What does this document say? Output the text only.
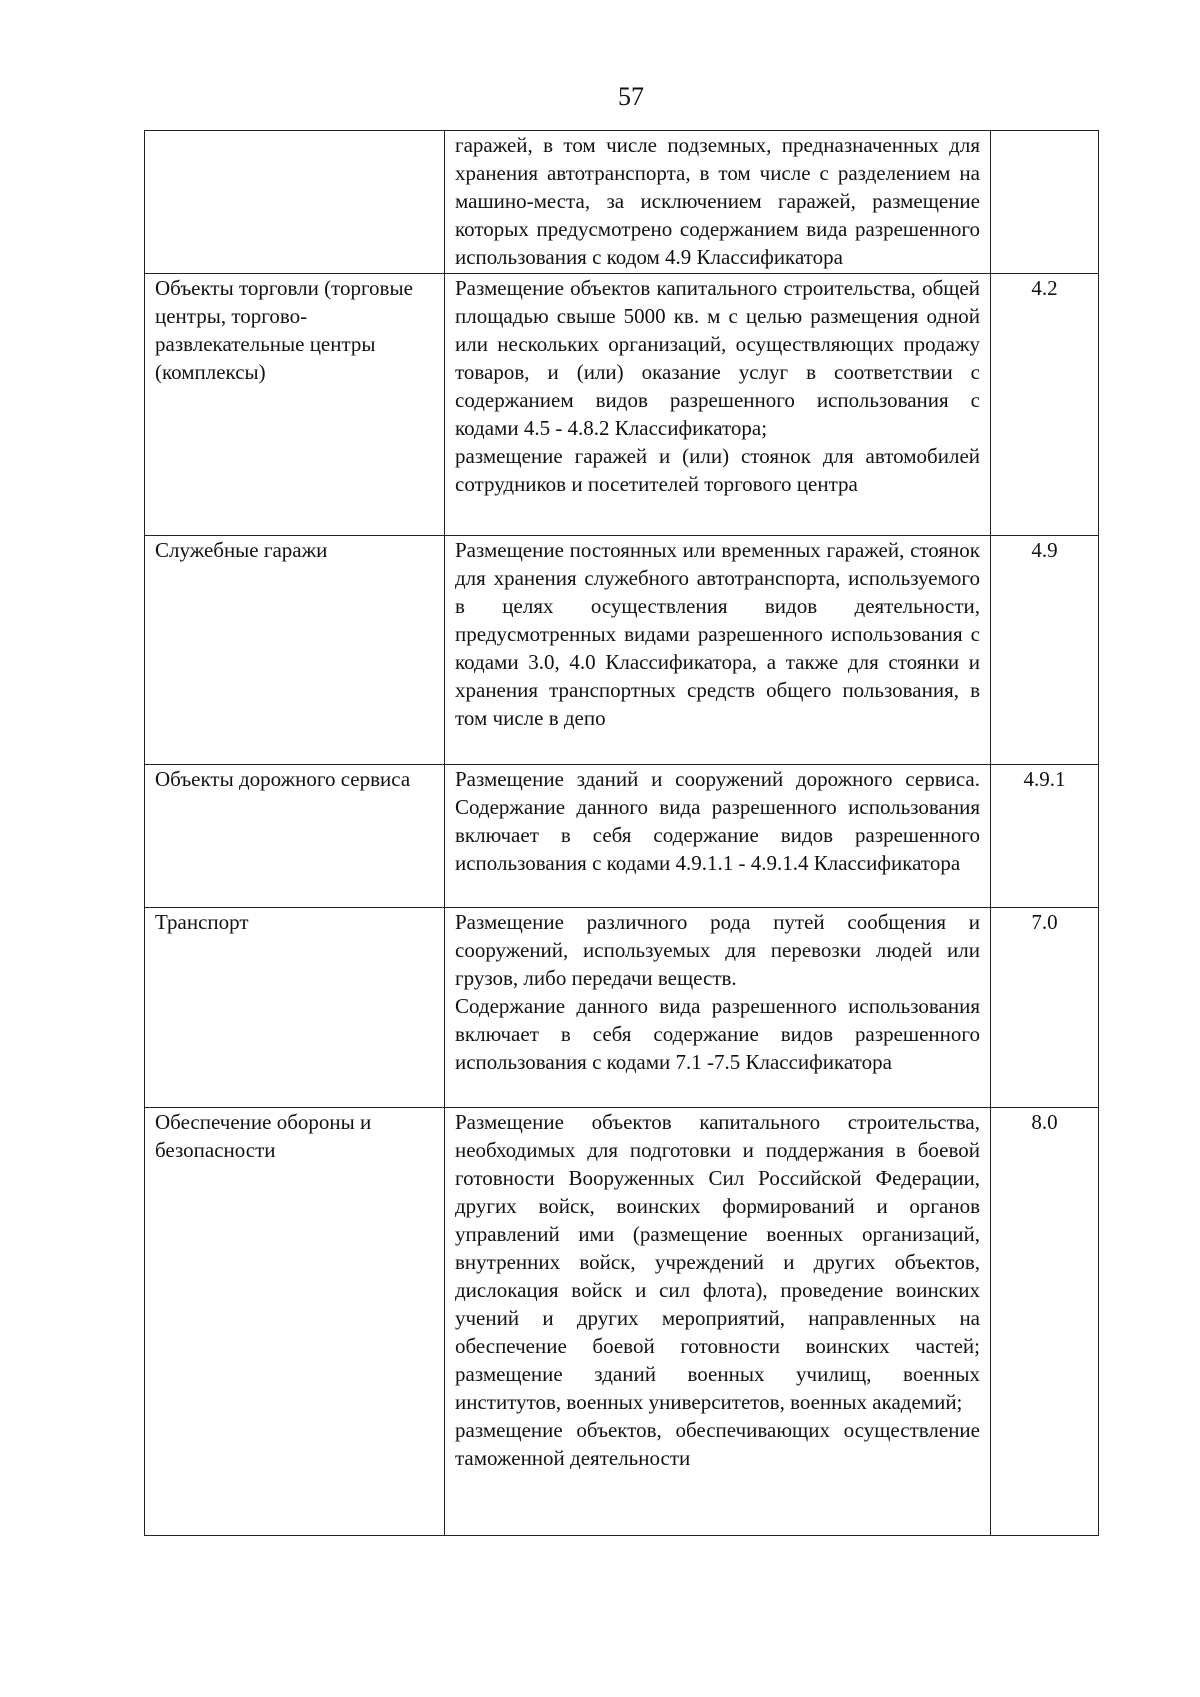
57

	гаражей, в том числе подземных, предназначенных для хранения автотранспорта, в том числе с разделением на машино-места, за исключением гаражей, размещение которых предусмотрено содержанием вида разрешенного использования с кодом 4.9 Классификатора	

Объекты торговли (торговые центры, торгово-развлекательные центры (комплексы)	Размещение объектов капитального строительства, общей площадью свыше 5000 кв. м с целью размещения одной или нескольких организаций, осуществляющих продажу товаров, и (или) оказание услуг в соответствии с содержанием видов разрешенного использования с кодами 4.5 - 4.8.2 Классификатора;
размещение гаражей и (или) стоянок для автомобилей сотрудников и посетителей торгового центра	4.2
Служебные гаражи	Размещение постоянных или временных гаражей, стоянок для хранения служебного автотранспорта, используемого в целях осуществления видов деятельности, предусмотренных видами разрешенного использования с кодами 3.0, 4.0 Классификатора, а также для стоянки и хранения транспортных средств общего пользования, в том числе в депо	4.9
Объекты дорожного сервиса	Размещение зданий и сооружений дорожного сервиса. Содержание данного вида разрешенного использования включает в себя содержание видов разрешенного использования с кодами 4.9.1.1 - 4.9.1.4 Классификатора	4.9.1
Транспорт	Размещение различного рода путей сообщения и сооружений, используемых для перевозки людей или грузов, либо передачи веществ.
Содержание данного вида разрешенного использования включает в себя содержание видов разрешенного использования с кодами 7.1 -7.5 Классификатора	7.0
Обеспечение обороны и безопасности	Размещение объектов капитального строительства, необходимых для подготовки и поддержания в боевой готовности Вооруженных Сил Российской Федерации, других войск, воинских формирований и органов управлений ими (размещение военных организаций, внутренних войск, учреждений и других объектов, дислокация войск и сил флота), проведение воинских учений и других мероприятий, направленных на обеспечение боевой готовности воинских частей; размещение зданий военных училищ, военных институтов, военных университетов, военных академий;
размещение объектов, обеспечивающих осуществление таможенной деятельности	8.0
